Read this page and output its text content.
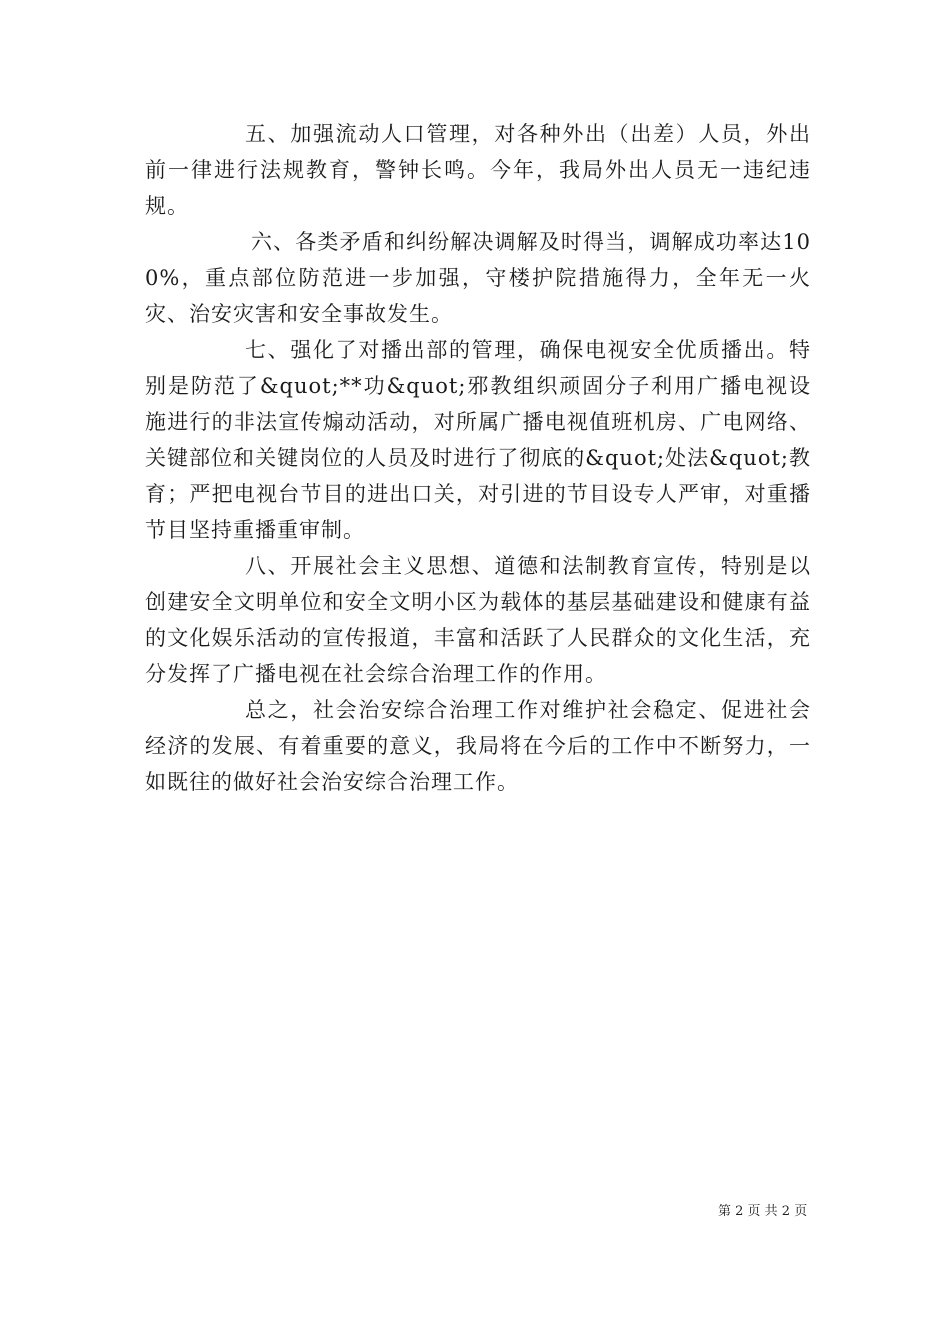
五、加强流动人口管理，对各种外出（出差）人员，外出前一律进行法规教育，警钟长鸣。今年，我局外出人员无一违纪违规。

六、各类矛盾和纠纷解决调解及时得当，调解成功率达100%，重点部位防范进一步加强，守楼护院措施得力，全年无一火灾、治安灾害和安全事故发生。

七、强化了对播出部的管理，确保电视安全优质播出。特别是防范了&quot;**功&quot;邪教组织顽固分子利用广播电视设施进行的非法宣传煽动活动，对所属广播电视值班机房、广电网络、关键部位和关键岗位的人员及时进行了彻底的&quot;处法&quot;教育；严把电视台节目的进出口关，对引进的节目设专人严审，对重播节目坚持重播重审制。

八、开展社会主义思想、道德和法制教育宣传，特别是以创建安全文明单位和安全文明小区为载体的基层基础建设和健康有益的文化娱乐活动的宣传报道，丰富和活跃了人民群众的文化生活，充分发挥了广播电视在社会综合治理工作的作用。

总之，社会治安综合治理工作对维护社会稳定、促进社会经济的发展、有着重要的意义，我局将在今后的工作中不断努力，一如既往的做好社会治安综合治理工作。

第 2 页 共 2 页
